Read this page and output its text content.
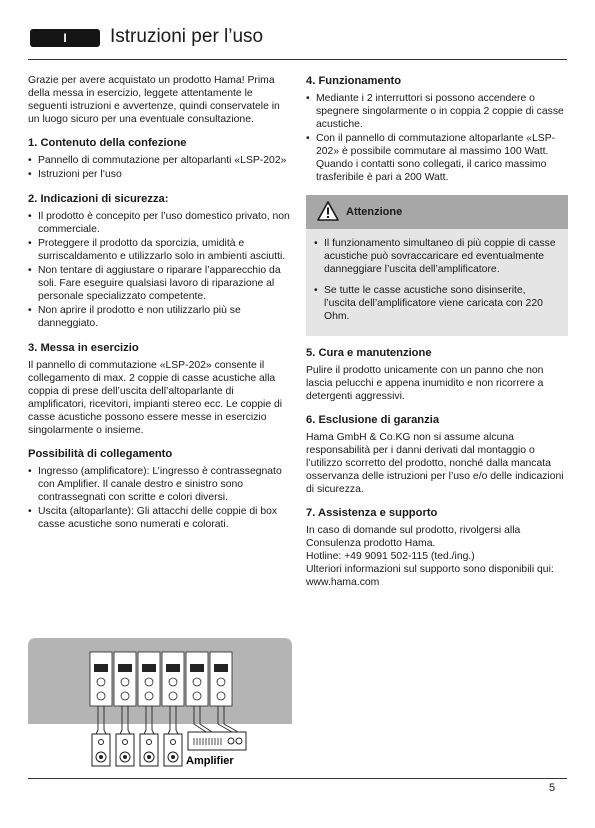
I	Istruzioni per l’uso

Grazie per avere acquistato un prodotto Hama! Prima della messa in esercizio, leggete attentamente le seguenti istruzioni e avvertenze, quindi conservatele in un luogo sicuro per una eventuale consultazione.

1. Contenuto della confezione
• Pannello di commutazione per altoparlanti «LSP-202»
• Istruzioni per l’uso
2. Indicazioni di sicurezza:
• Il prodotto è concepito per l’uso domestico privato, non commerciale.
• Proteggere il prodotto da sporcizia, umidità e surriscaldamento e utilizzarlo solo in ambienti asciutti.
• Non tentare di aggiustare o riparare l’apparecchio da soli. Fare eseguire qualsiasi lavoro di riparazione al personale specializzato competente.
• Non aprire il prodotto e non utilizzarlo più se danneggiato.
3. Messa in esercizio

Il pannello di commutazione «LSP-202» consente il collegamento di max. 2 coppie di casse acustiche alla coppia di prese dell’uscita dell’altoparlante di amplificatori, ricevitori, impianti stereo ecc. Le coppie di casse acustiche possono essere messe in esercizio singolarmente o insieme.

Possibilità di collegamento
• Ingresso (amplificatore): L’ingresso è contrassegnato con Amplifier. Il canale destro e sinistro sono contrassegnati con scritte e colori diversi.
• Uscita (altoparlante): Gli attacchi delle coppie di box casse acustiche sono numerati e colorati.
4. Funzionamento
• Mediante i 2 interruttori si possono accendere o spegnere singolarmente o in coppia 2 coppie di casse acustiche.
• Con il pannello di commutazione altoparlante «LSP-202» è possibile commutare al massimo 100 Watt. Quando i contatti sono collegati, il carico massimo trasferibile è pari a 200 Watt.
Attenzione
• Il funzionamento simultaneo di più coppie di casse acustiche può sovraccaricare ed eventualmente danneggiare l’uscita dell’amplificatore.
• Se tutte le casse acustiche sono disinserite, l’uscita dell’amplificatore viene caricata con 220 Ohm.
5. Cura e manutenzione

Pulire il prodotto unicamente con un panno che non lascia pelucchi e appena inumidito e non ricorrere a detergenti aggressivi.

6. Esclusione di garanzia

Hama GmbH & Co.KG non si assume alcuna responsabilità per i danni derivati dal montaggio o l’utilizzo scorretto del prodotto, nonché dalla mancata osservanza delle istruzioni per l’uso e/o delle indicazioni di sicurezza.

7. Assistenza e supporto

In caso di domande sul prodotto, rivolgersi alla Consulenza prodotto Hama.

Hotline: +49 9091 502-115 (ted./ing.)

Ulteriori informazioni sul supporto sono disponibili qui: www.hama.com

Amplifier
5
